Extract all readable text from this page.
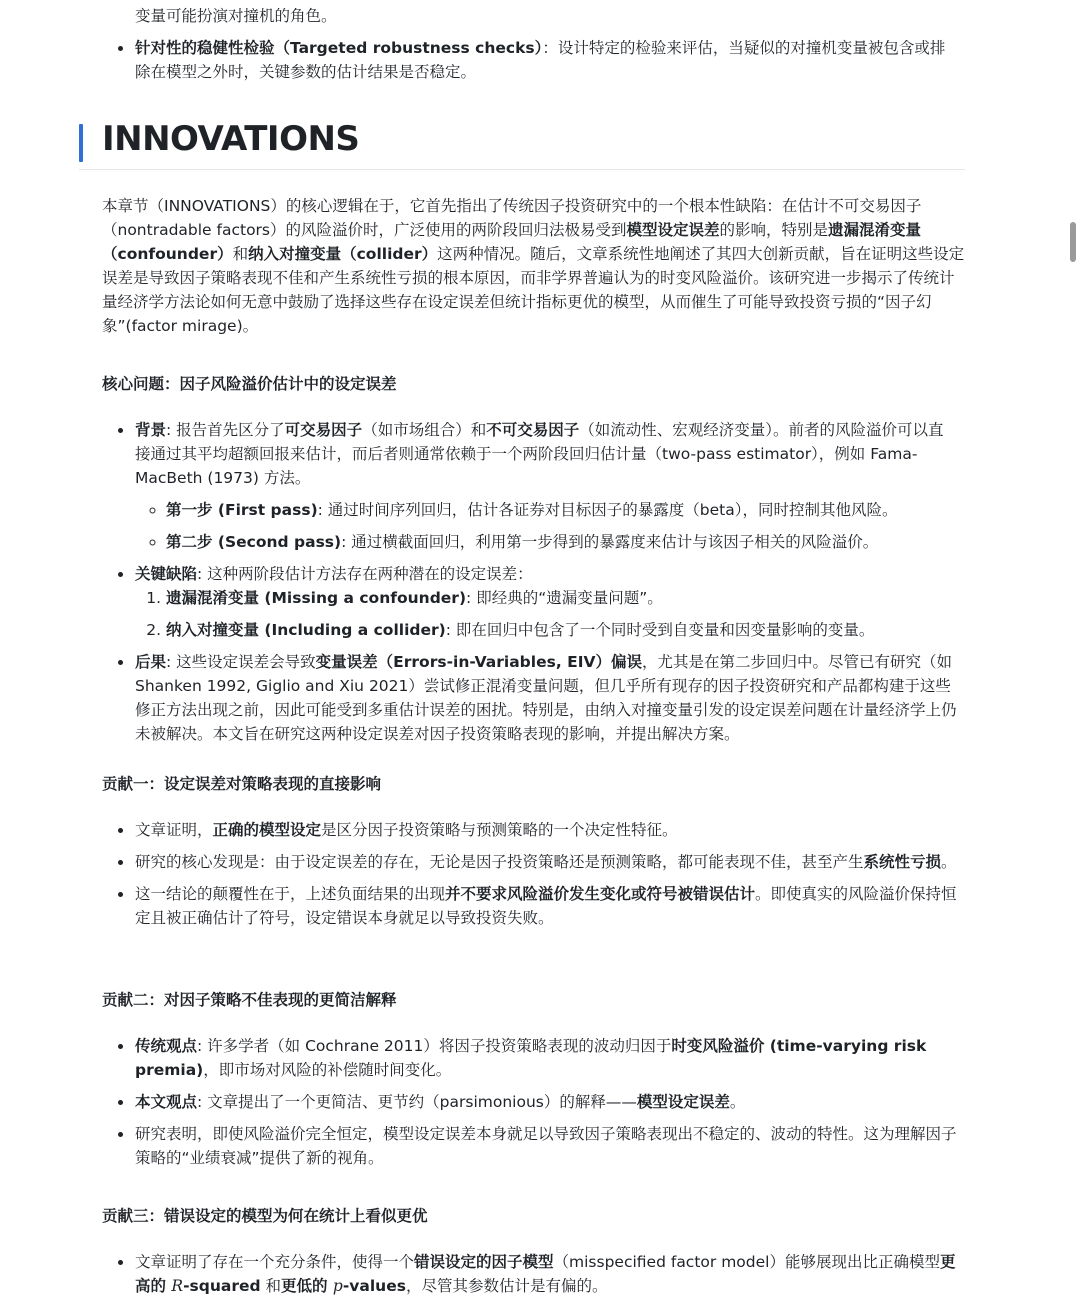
变量可能扮演对撞机的角色。

• 针对性的稳健性检验（Targeted robustness checks）：设计特定的检验来评估，当疑似的对撞机变量被包含或排除在模型之外时，关键参数的估计结果是否稳定。
INNOVATIONS

本章节（INNOVATIONS）的核心逻辑在于，它首先指出了传统因子投资研究中的一个根本性缺陷：在估计不可交易因子（nontradable factors）的风险溢价时，广泛使用的两阶段回归法极易受到模型设定误差的影响，特别是遗漏混淆变量（confounder）和纳入对撞变量（collider）这两种情况。随后，文章系统性地阐述了其四大创新贡献，旨在证明这些设定误差是导致因子策略表现不佳和产生系统性亏损的根本原因，而非学界普遍认为的时变风险溢价。该研究进一步揭示了传统计量经济学方法论如何无意中鼓励了选择这些存在设定误差但统计指标更优的模型，从而催生了可能导致投资亏损的“因子幻象”(factor mirage)。

核心问题：因子风险溢价估计中的设定误差
• 背景: 报告首先区分了可交易因子（如市场组合）和不可交易因子（如流动性、宏观经济变量）。前者的风险溢价可以直接通过其平均超额回报来估计，而后者则通常依赖于一个两阶段回归估计量（two-pass estimator），例如 Fama-MacBeth (1973) 方法。
◦ 第一步 (First pass): 通过时间序列回归，估计各证券对目标因子的暴露度（beta），同时控制其他风险。
◦ 第二步 (Second pass): 通过横截面回归，利用第一步得到的暴露度来估计与该因子相关的风险溢价。
• 关键缺陷: 这种两阶段估计方法存在两种潜在的设定误差：
1. 遗漏混淆变量 (Missing a confounder): 即经典的“遗漏变量问题”。
2. 纳入对撞变量 (Including a collider): 即在回归中包含了一个同时受到自变量和因变量影响的变量。
• 后果: 这些设定误差会导致变量误差（Errors-in-Variables, EIV）偏误，尤其是在第二步回归中。尽管已有研究（如 Shanken 1992, Giglio and Xiu 2021）尝试修正混淆变量问题，但几乎所有现存的因子投资研究和产品都构建于这些修正方法出现之前，因此可能受到多重估计误差的困扰。特别是，由纳入对撞变量引发的设定误差问题在计量经济学上仍未被解决。本文旨在研究这两种设定误差对因子投资策略表现的影响，并提出解决方案。
贡献一：设定误差对策略表现的直接影响
• 文章证明，正确的模型设定是区分因子投资策略与预测策略的一个决定性特征。
• 研究的核心发现是：由于设定误差的存在，无论是因子投资策略还是预测策略，都可能表现不佳，甚至产生系统性亏损。
• 这一结论的颠覆性在于，上述负面结果的出现并不要求风险溢价发生变化或符号被错误估计。即使真实的风险溢价保持恒定且被正确估计了符号，设定错误本身就足以导致投资失败。
贡献二：对因子策略不佳表现的更简洁解释
• 传统观点: 许多学者（如 Cochrane 2011）将因子投资策略表现的波动归因于时变风险溢价 (time-varying risk premia)，即市场对风险的补偿随时间变化。
• 本文观点: 文章提出了一个更简洁、更节约（parsimonious）的解释——模型设定误差。
• 研究表明，即使风险溢价完全恒定，模型设定误差本身就足以导致因子策略表现出不稳定的、波动的特性。这为理解因子策略的“业绩衰减”提供了新的视角。
贡献三：错误设定的模型为何在统计上看似更优
• 文章证明了存在一个充分条件，使得一个错误设定的因子模型（misspecified factor model）能够展现出比正确模型更高的 R-squared 和更低的 p-values，尽管其参数估计是有偏的。
